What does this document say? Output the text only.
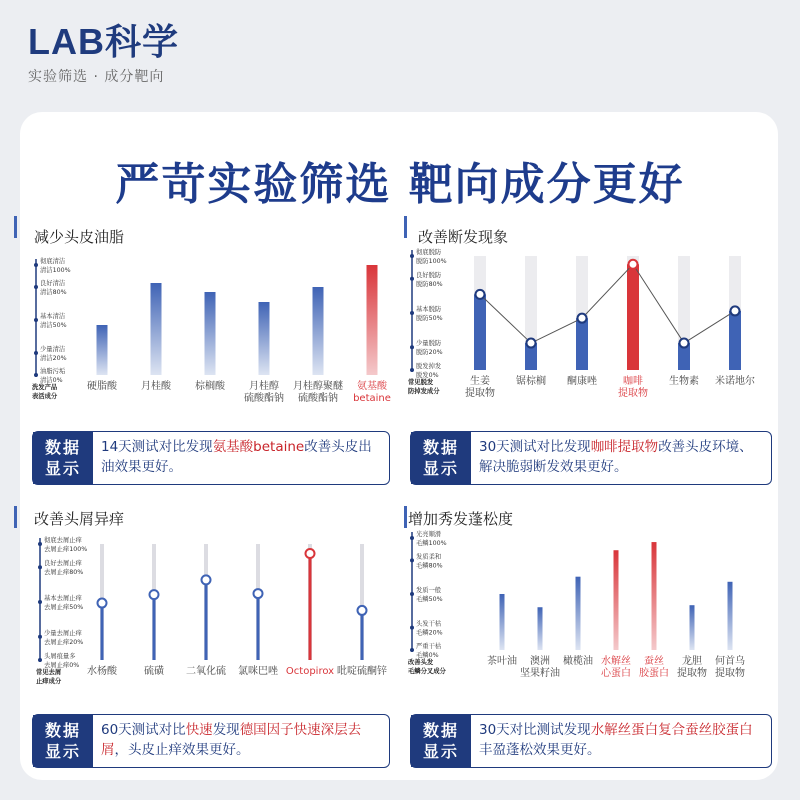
LAB科学
实验筛选 · 成分靶向
严苛实验筛选 靶向成分更好
减少头皮油脂	改善断发现象
改善头屑异痒	增加秀发蓬松度
油脂污垢清洁0%
少量清洁清洁20%
基本清洁清洁50%
良好清洁清洁80%
彻底清洁清洁100%
洗发产品表活成分
硬脂酸 月桂酸 棕榈酸	月桂醇硫酸酯钠
月桂醇聚醚硫酸酯钠
氨基酸 betaine
脱发掉发脱发0%
少量脱防脱防20%
基本脱防脱防50%
良好脱防脱防80%
彻底脱防脱防100%
常见脱发防掉发成分
生姜提取物
锯棕榈 酮康唑	咖啡提取物
生物素 米诺地尔
头屑痕量多去屑止痒0%
少量去屑止痒去屑止痒20%
基本去屑止痒去屑止痒50%
良好去屑止痒去屑止痒80%
彻底去屑止痒去屑止痒100%
常见去屑止痒成分
水杨酸	硫磺 二氧化硫 氯咪巴唑 Octopirox 吡啶硫酮锌
严重干枯毛鳞0%
头发干枯毛鳞20%
发质一般毛鳞50%
发质柔和毛鳞80%
光亮顺滑毛鳞100%
改善头发毛鳞分叉成分
茶叶油	澳洲坚果籽油
橄榄油 水解丝心蛋白
蚕丝胶蛋白
龙胆提取物
何首乌提取物
数据
显示
14天测试对比发现氨基酸betaine改善头皮出油效果更好。
数据
显示
30天测试对比发现咖啡提取物改善头皮环境、解决脆弱断发效果更好。
数据
显示
60天测试对比快速发现德国因子快速深层去屑，头皮止痒效果更好。
数据
显示
30天对比测试发现水解丝蛋白复合蚕丝胶蛋白丰盈蓬松效果更好。
